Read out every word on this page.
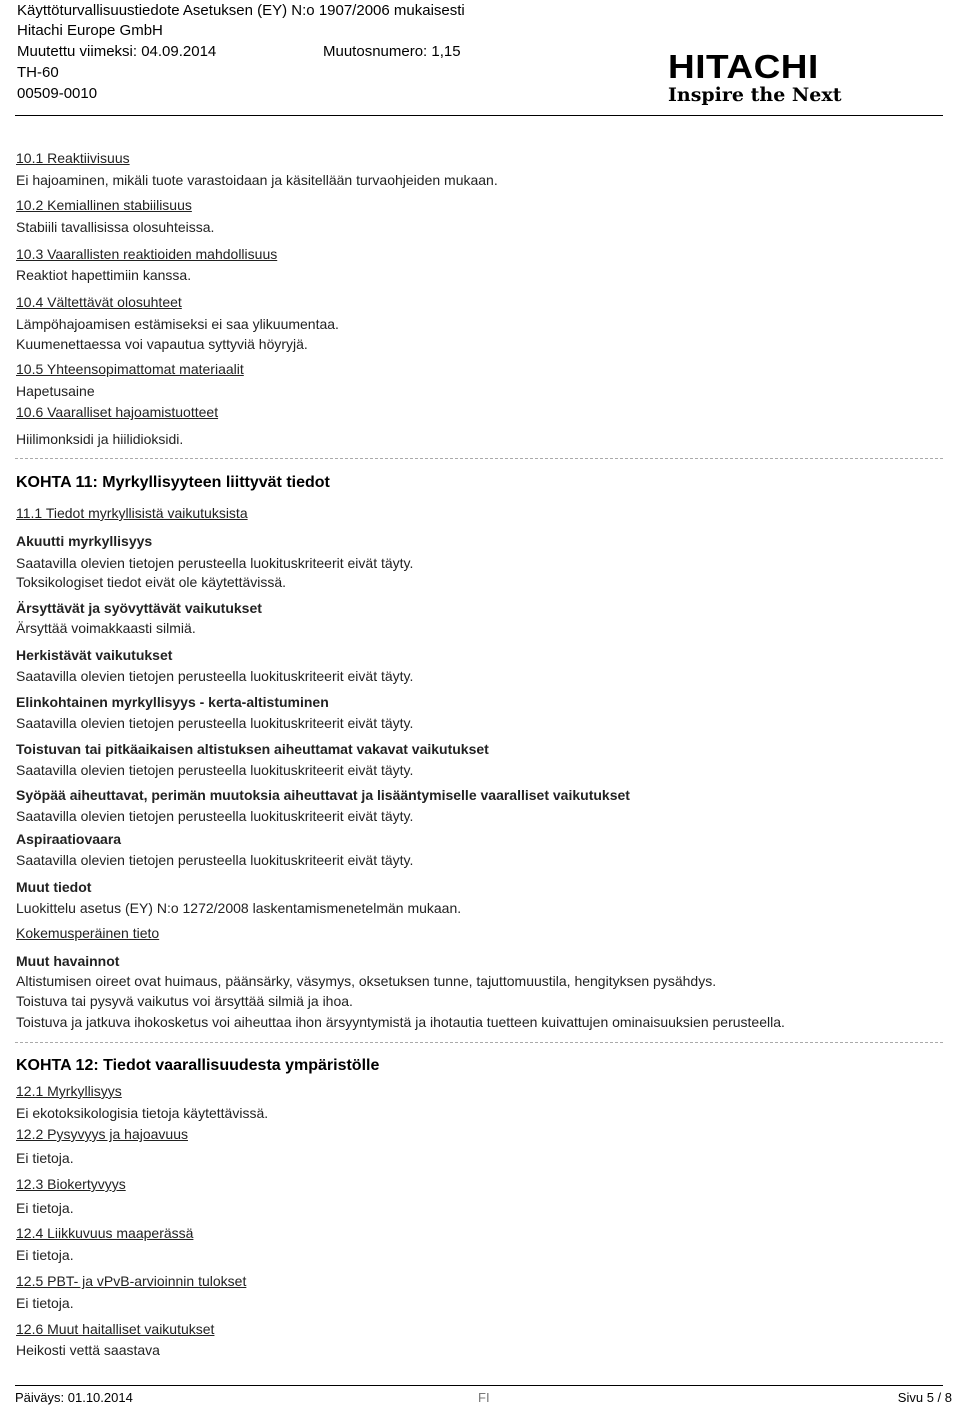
Käyttöturvallisuustiedote Asetuksen (EY) N:o 1907/2006 mukaisesti
Hitachi Europe GmbH
Muutettu viimeksi: 04.09.2014	Muutosnumero: 1,15
TH-60
00509-0010
HITACHI
Inspire the Next
10.1 Reaktiivisuus
Ei hajoaminen, mikäli tuote varastoidaan ja käsitellään turvaohjeiden mukaan.
10.2 Kemiallinen stabiilisuus
Stabiili tavallisissa olosuhteissa.
10.3 Vaarallisten reaktioiden mahdollisuus
Reaktiot hapettimiin kanssa.
10.4 Vältettävät olosuhteet
Lämpöhajoamisen estämiseksi ei saa ylikuumentaa.
Kuumenettaessa voi vapautua syttyviä höyryjä.
10.5 Yhteensopimattomat materiaalit
Hapetusaine
10.6 Vaaralliset hajoamistuotteet
Hiilimonksidi ja hiilidioksidi.
KOHTA 11: Myrkyllisyyteen liittyvät tiedot
11.1 Tiedot myrkyllisistä vaikutuksista
Akuutti myrkyllisyys
Saatavilla olevien tietojen perusteella luokituskriteerit eivät täyty.
Toksikologiset tiedot eivät ole käytettävissä.
Ärsyttävät ja syövyttävät vaikutukset
Ärsyttää voimakkaasti silmiä.
Herkistävät vaikutukset
Saatavilla olevien tietojen perusteella luokituskriteerit eivät täyty.
Elinkohtainen myrkyllisyys - kerta-altistuminen
Saatavilla olevien tietojen perusteella luokituskriteerit eivät täyty.
Toistuvan tai pitkäaikaisen altistuksen aiheuttamat vakavat vaikutukset
Saatavilla olevien tietojen perusteella luokituskriteerit eivät täyty.
Syöpää aiheuttavat, perimän muutoksia aiheuttavat ja lisääntymiselle vaaralliset vaikutukset
Saatavilla olevien tietojen perusteella luokituskriteerit eivät täyty.
Aspiraatiovaara
Saatavilla olevien tietojen perusteella luokituskriteerit eivät täyty.
Muut tiedot
Luokittelu asetus (EY) N:o 1272/2008 laskentamismenetelmän mukaan.
Kokemusperäinen tieto
Muut havainnot
Altistumisen oireet ovat huimaus, päänsärky, väsymys, oksetuksen tunne, tajuttomuustila, hengityksen pysähdys.
Toistuva tai pysyvä vaikutus voi ärsyttää silmiä ja ihoa.
Toistuva ja jatkuva ihokosketus voi aiheuttaa ihon ärsyyntymistä ja ihotautia tuetteen kuivattujen ominaisuuksien perusteella.
KOHTA 12: Tiedot vaarallisuudesta ympäristölle
12.1 Myrkyllisyys
Ei ekotoksikologisia tietoja käytettävissä.
12.2 Pysyvyys ja hajoavuus
Ei tietoja.
12.3 Biokertyvyys
Ei tietoja.
12.4 Liikkuvuus maaperässä
Ei tietoja.
12.5 PBT- ja vPvB-arvioinnin tulokset
Ei tietoja.
12.6 Muut haitalliset vaikutukset
Heikosti vettä saastava
Päiväys: 01.10.2014	FI	Sivu 5 / 8
